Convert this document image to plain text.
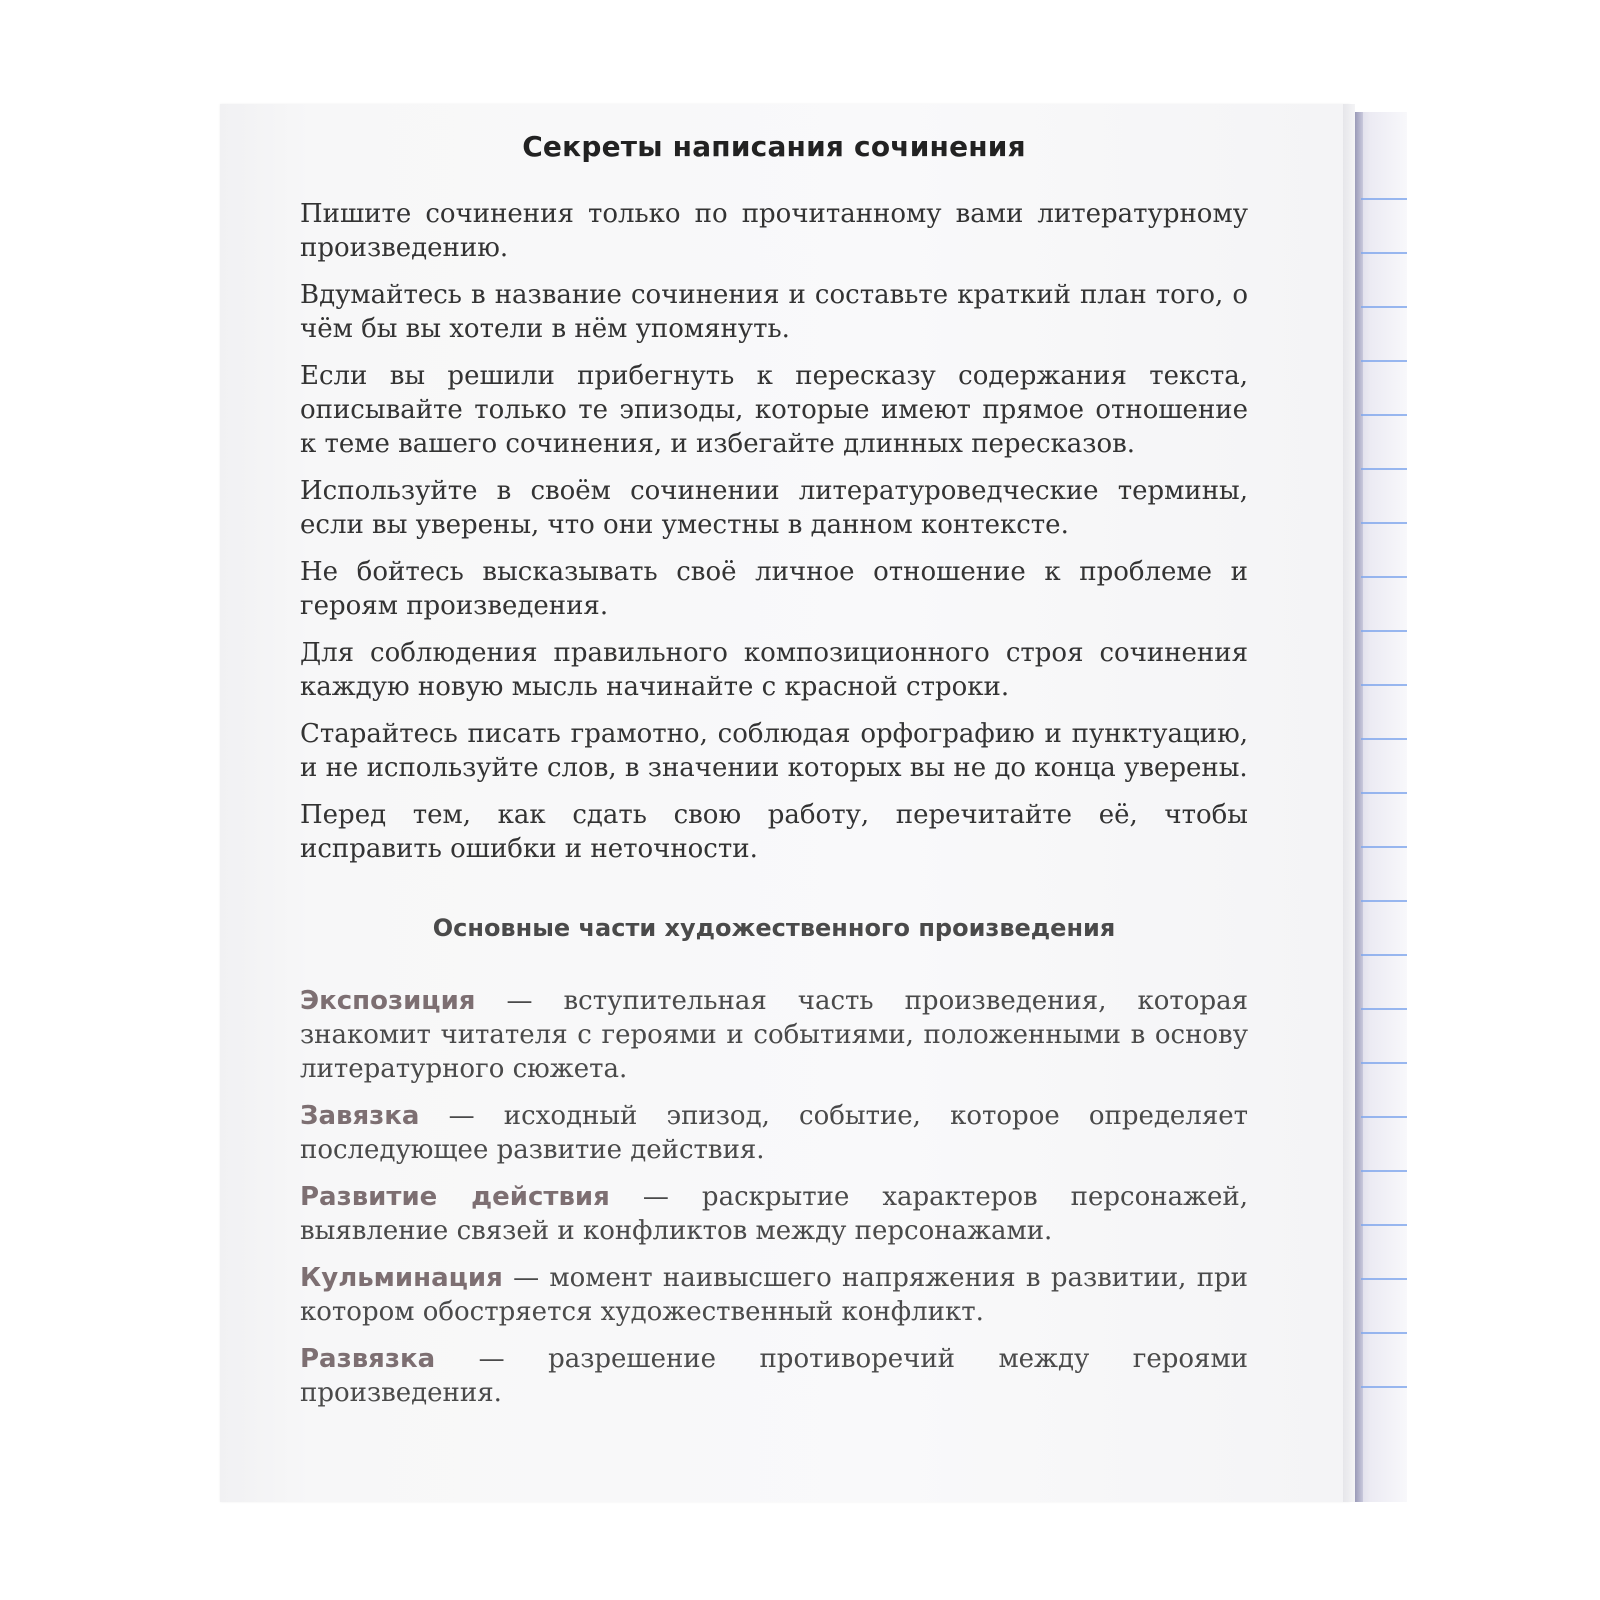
Секреты написания сочинения

Пишите сочинения только по прочитанному вами литературному произведению.

Вдумайтесь в название сочинения и составьте краткий план того, о чём бы вы хотели в нём упомянуть.

Если вы решили прибегнуть к пересказу содержания текста, описывайте только те эпизоды, которые имеют прямое отношение к теме вашего сочинения, и избегайте длинных пересказов.

Используйте в своём сочинении литературоведческие термины, если вы уверены, что они уместны в данном контексте.

Не бойтесь высказывать своё личное отношение к проблеме и героям произведения.

Для соблюдения правильного композиционного строя сочинения каждую новую мысль начинайте с красной строки.

Старайтесь писать грамотно, соблюдая орфографию и пунктуацию, и не используйте слов, в значении которых вы не до конца уверены.

Перед тем, как сдать свою работу, перечитайте её, чтобы исправить ошибки и неточности.

Основные части художественного произведения

Экспозиция — вступительная часть произведения, которая знакомит читателя с героями и событиями, положенными в основу литературного сюжета.

Завязка — исходный эпизод, событие, которое определяет последующее развитие действия.

Развитие действия — раскрытие характеров персонажей, выявление связей и конфликтов между персонажами.

Кульминация — момент наивысшего напряжения в развитии, при котором обостряется художественный конфликт.

Развязка — разрешение противоречий между героями произведения.
